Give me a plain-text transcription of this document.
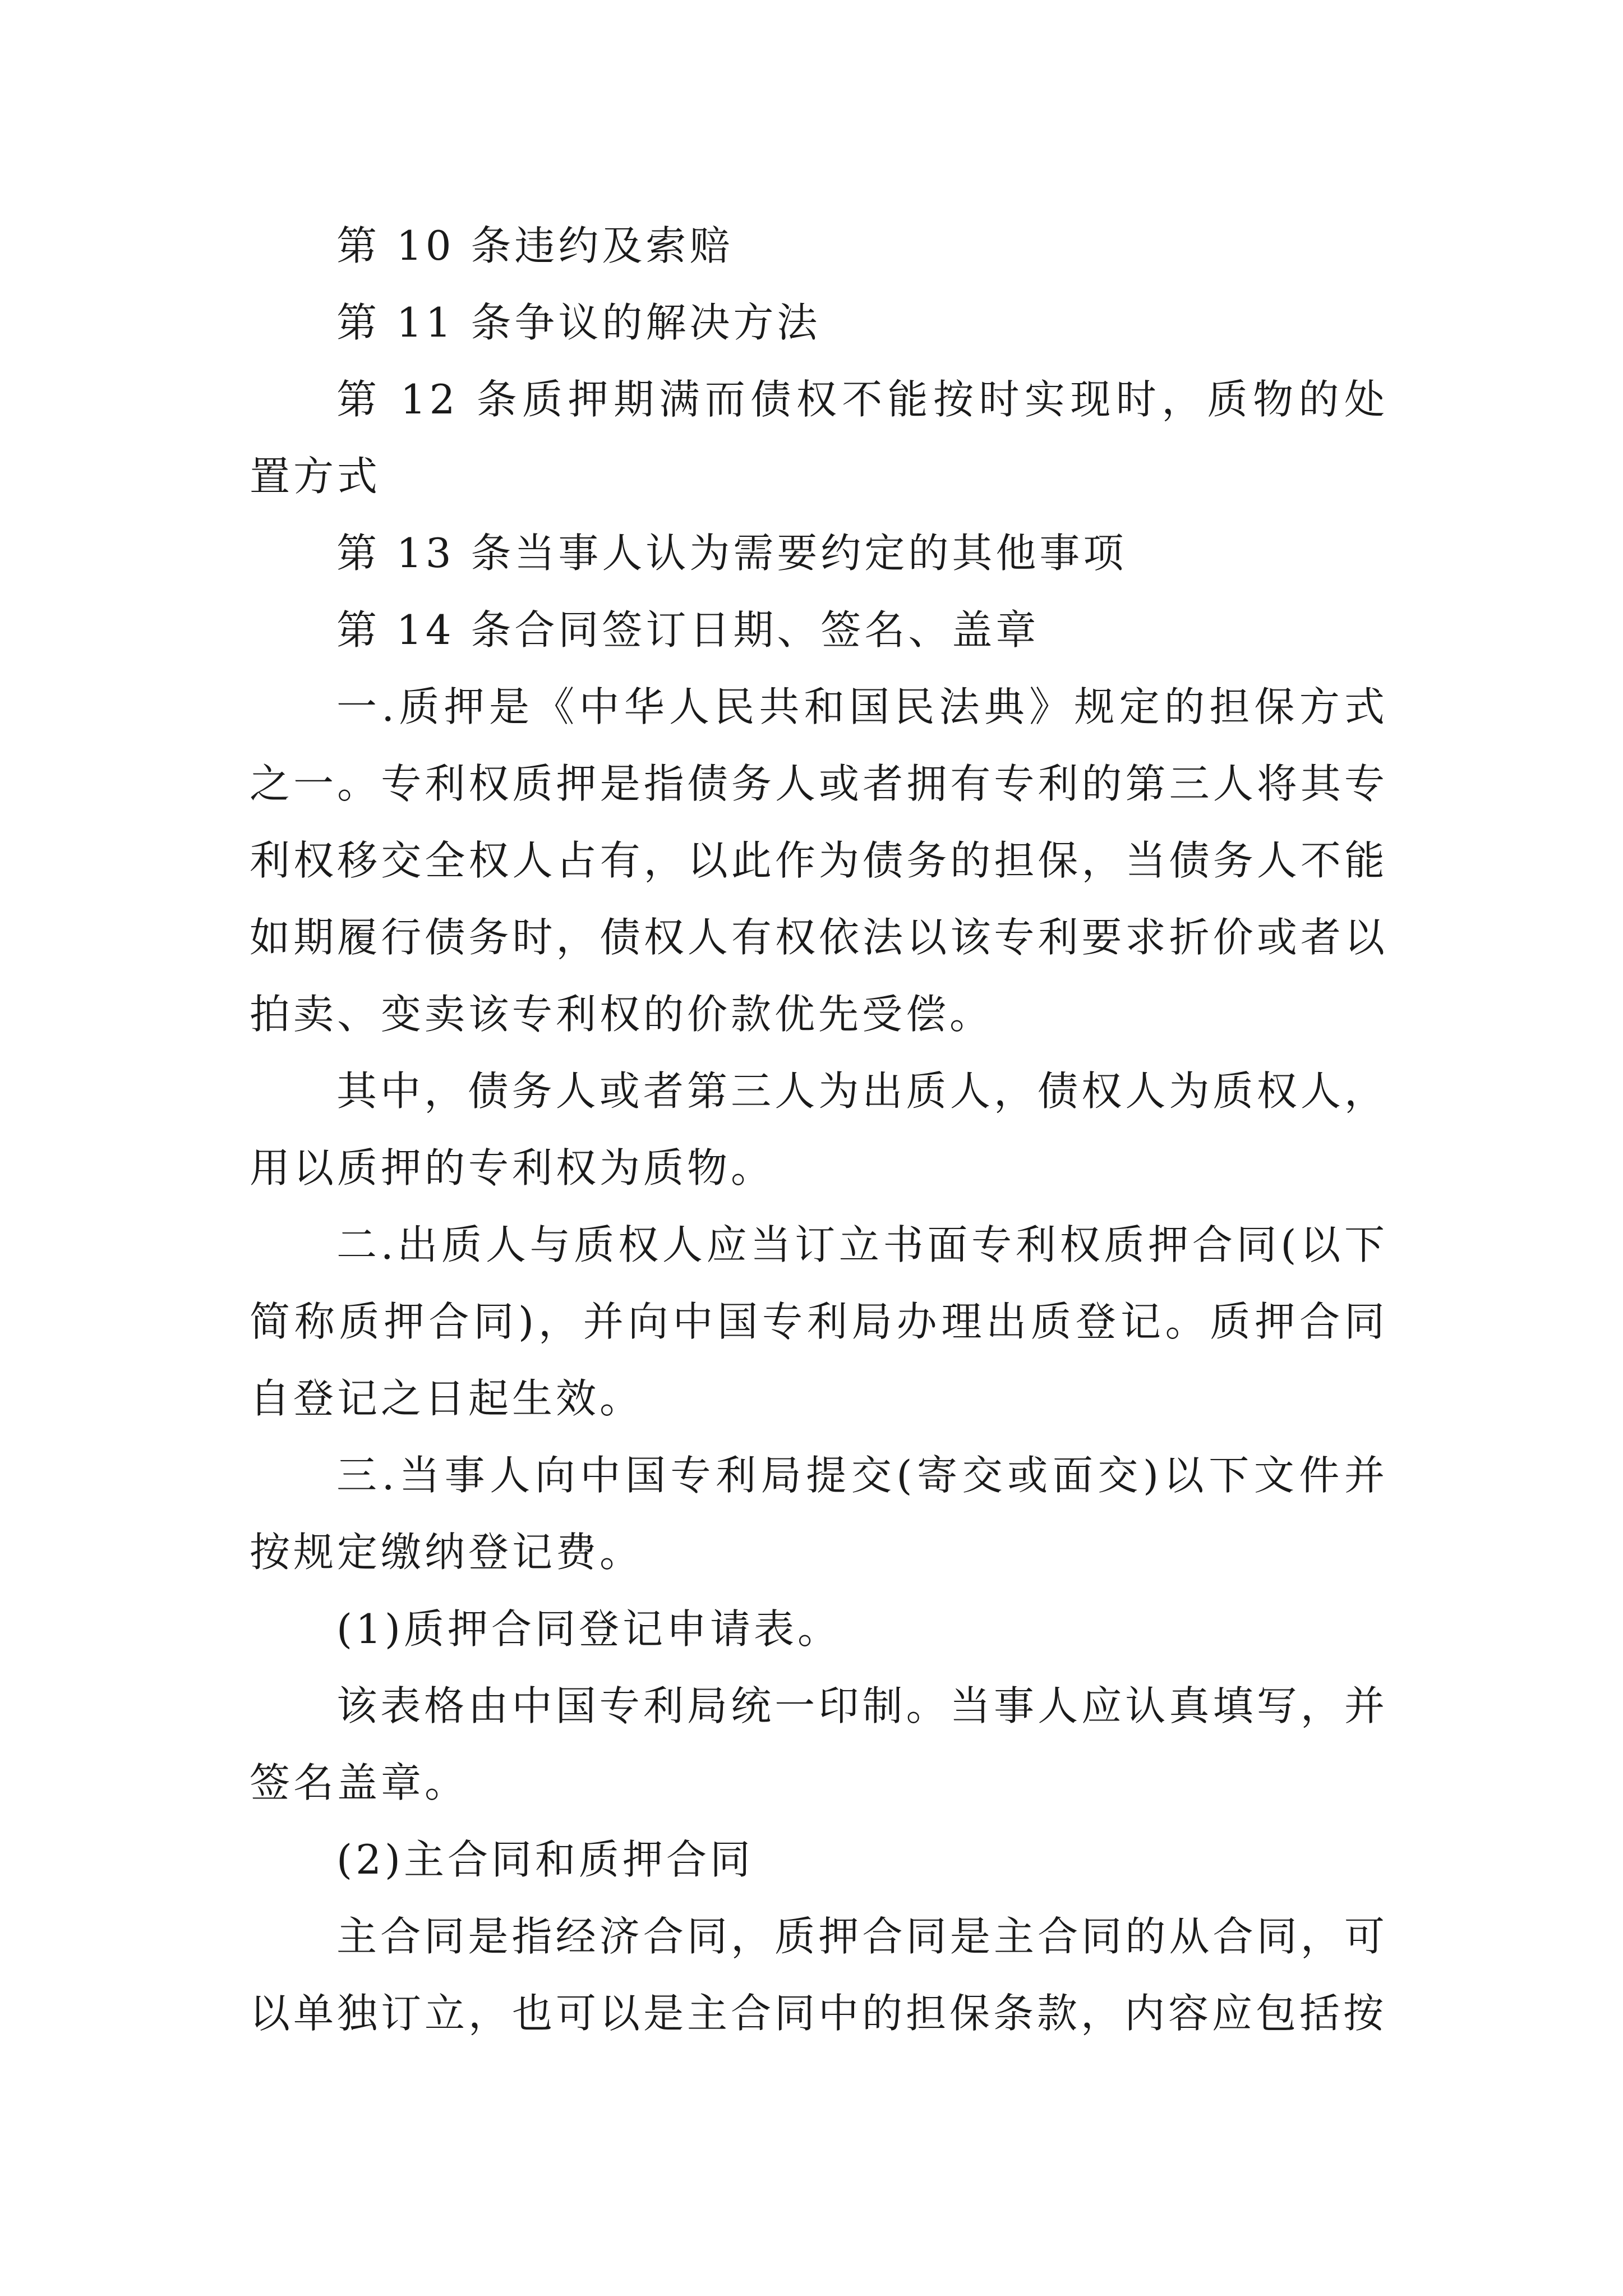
第 10 条违约及索赔

第 11 条争议的解决方法

第 12 条质押期满而债权不能按时实现时，质物的处置方式

第 13 条当事人认为需要约定的其他事项

第 14 条合同签订日期、签名、盖章

一.质押是《中华人民共和国民法典》规定的担保方式之一。专利权质押是指债务人或者拥有专利的第三人将其专利权移交全权人占有，以此作为债务的担保，当债务人不能如期履行债务时，债权人有权依法以该专利要求折价或者以拍卖、变卖该专利权的价款优先受偿。

其中，债务人或者第三人为出质人，债权人为质权人，用以质押的专利权为质物。

二.出质人与质权人应当订立书面专利权质押合同(以下简称质押合同)，并向中国专利局办理出质登记。质押合同自登记之日起生效。

三.当事人向中国专利局提交(寄交或面交)以下文件并按规定缴纳登记费。

(1)质押合同登记申请表。

该表格由中国专利局统一印制。当事人应认真填写，并签名盖章。

(2)主合同和质押合同

主合同是指经济合同，质押合同是主合同的从合同，可以单独订立，也可以是主合同中的担保条款，内容应包括按
